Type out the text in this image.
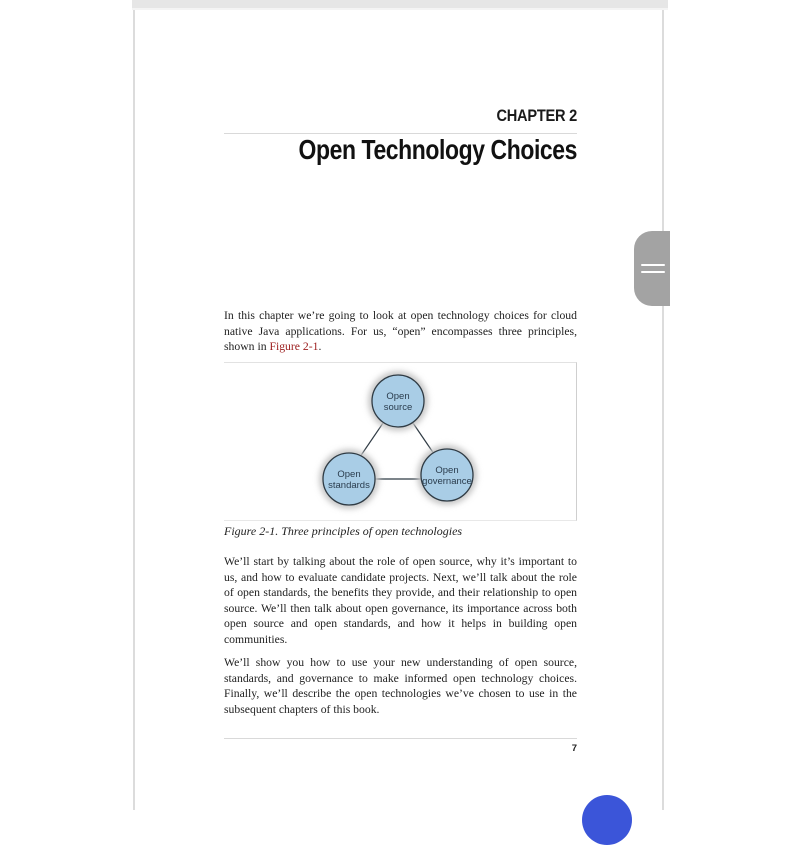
CHAPTER 2
Open Technology Choices

In this chapter we’re going to look at open technology choices for cloud native Java applications. For us, “open” encompasses three principles, shown in Figure 2-1.

Open
source
Open
standards
Open
governance
Figure 2-1. Three principles of open technologies

We’ll start by talking about the role of open source, why it’s important to us, and how to evaluate candidate projects. Next, we’ll talk about the role of open standards, the benefits they provide, and their relationship to open source. We’ll then talk about open governance, its importance across both open source and open standards, and how it helps in building open communities.

We’ll show you how to use your new understanding of open source, standards, and governance to make informed open technology choices. Finally, we’ll describe the open technologies we’ve chosen to use in the subsequent chapters of this book.

7
